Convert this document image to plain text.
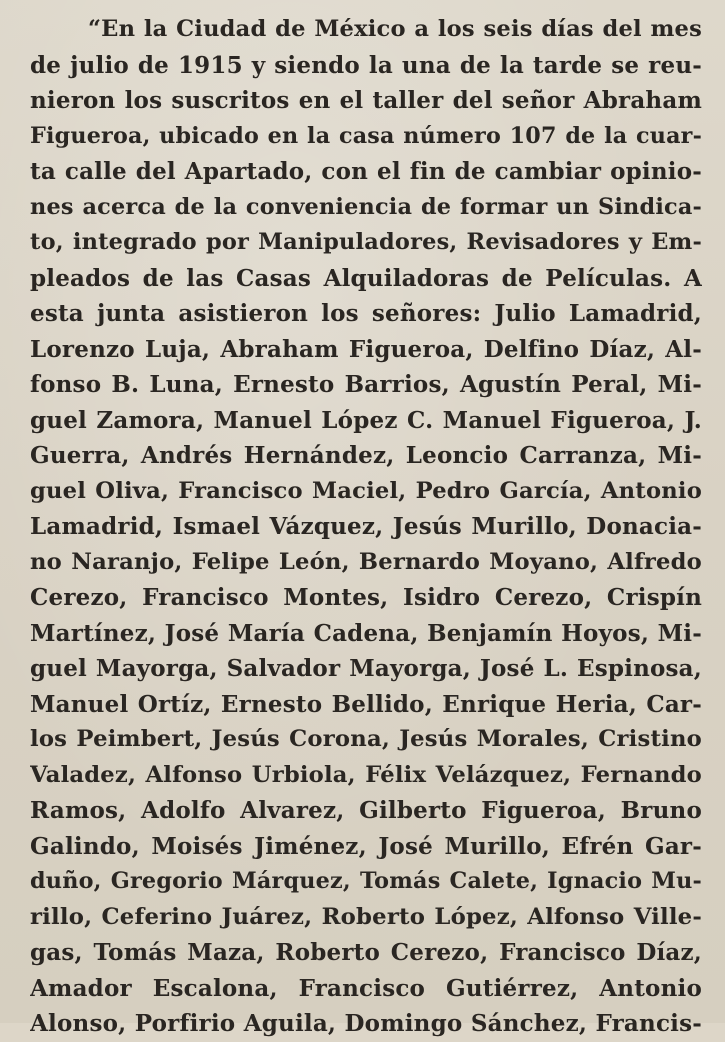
“En la Ciudad de México a los seis días del mes
de julio de 1915 y siendo la una de la tarde se reu-
nieron los suscritos en el taller del señor Abraham
Figueroa, ubicado en la casa número 107 de la cuar-
ta calle del Apartado, con el fin de cambiar opinio-
nes acerca de la conveniencia de formar un Sindica-
to, integrado por Manipuladores, Revisadores y Em-
pleados de las Casas Alquiladoras de Películas. A
esta junta asistieron los señores: Julio Lamadrid,
Lorenzo Luja, Abraham Figueroa, Delfino Díaz, Al-
fonso B. Luna, Ernesto Barrios, Agustín Peral, Mi-
guel Zamora, Manuel López C. Manuel Figueroa, J.
Guerra, Andrés Hernández, Leoncio Carranza, Mi-
guel Oliva, Francisco Maciel, Pedro García, Antonio
Lamadrid, Ismael Vázquez, Jesús Murillo, Donacia-
no Naranjo, Felipe León, Bernardo Moyano, Alfredo
Cerezo, Francisco Montes, Isidro Cerezo, Crispín
Martínez, José María Cadena, Benjamín Hoyos, Mi-
guel Mayorga, Salvador Mayorga, José L. Espinosa,
Manuel Ortíz, Ernesto Bellido, Enrique Heria, Car-
los Peimbert, Jesús Corona, Jesús Morales, Cristino
Valadez, Alfonso Urbiola, Félix Velázquez, Fernando
Ramos, Adolfo Alvarez, Gilberto Figueroa, Bruno
Galindo, Moisés Jiménez, José Murillo, Efrén Gar-
duño, Gregorio Márquez, Tomás Calete, Ignacio Mu-
rillo, Ceferino Juárez, Roberto López, Alfonso Ville-
gas, Tomás Maza, Roberto Cerezo, Francisco Díaz,
Amador Escalona, Francisco Gutiérrez, Antonio
Alonso, Porfirio Aguila, Domingo Sánchez, Francis-
